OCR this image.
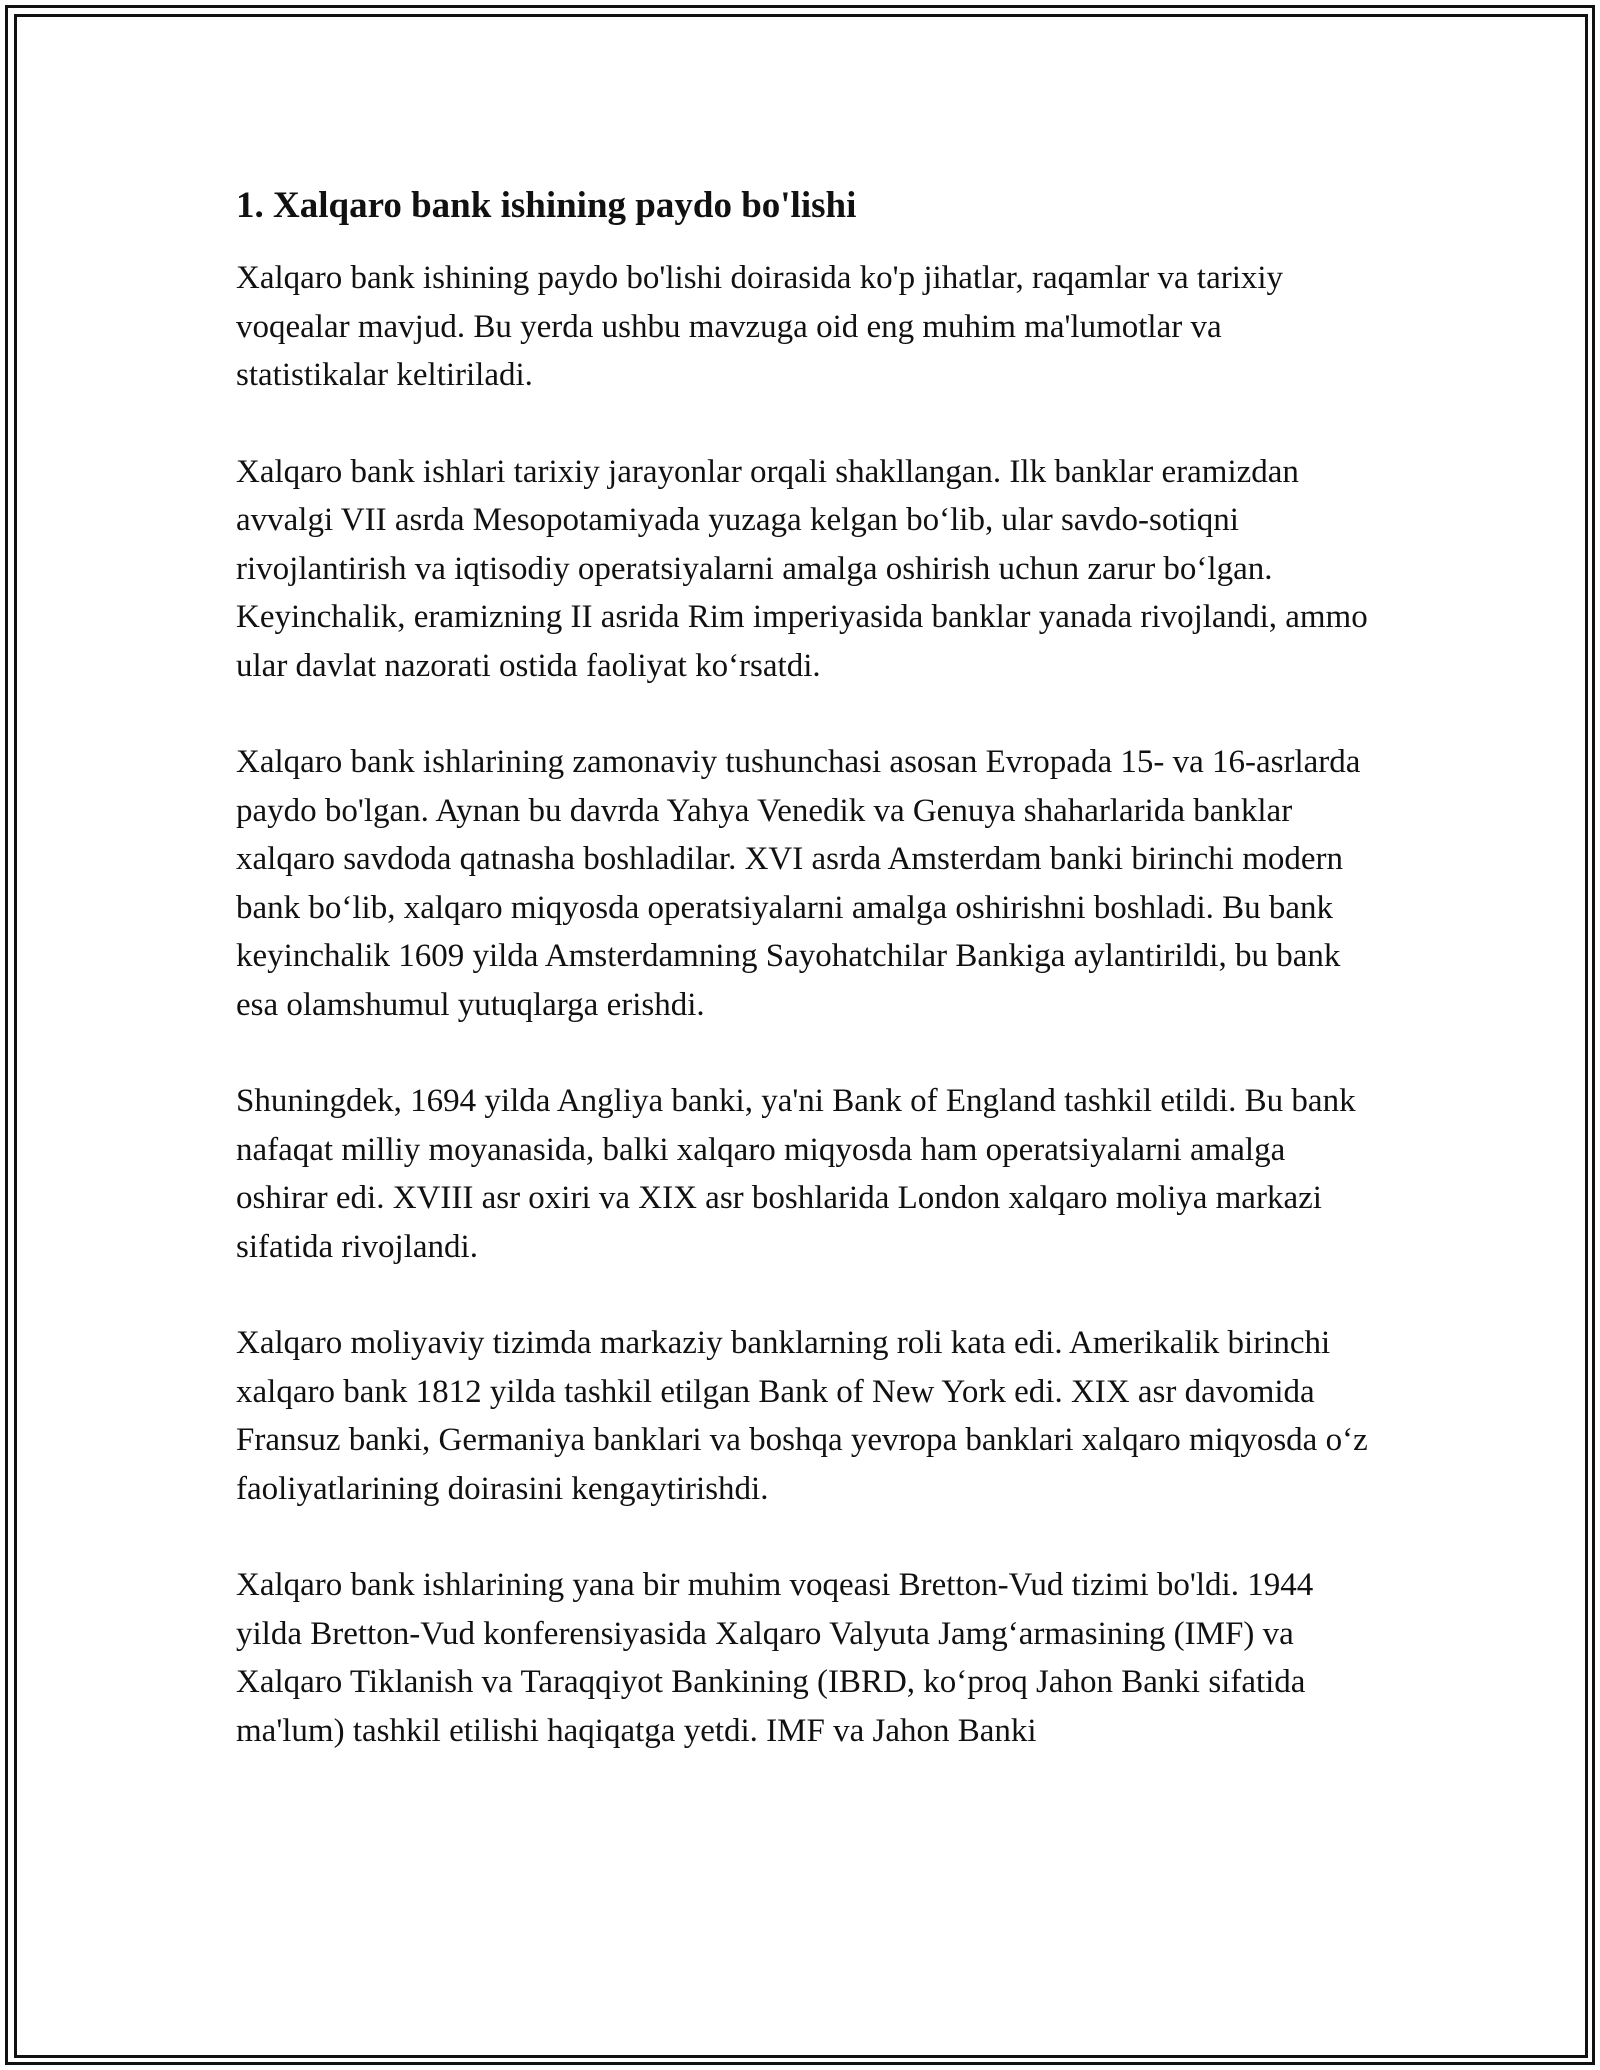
1. Xalqaro bank ishining paydo bo'lishi

Xalqaro bank ishining paydo bo'lishi doirasida ko'p jihatlar, raqamlar va tarixiy voqealar mavjud. Bu yerda ushbu mavzuga oid eng muhim ma'lumotlar va statistikalar keltiriladi.

Xalqaro bank ishlari tarixiy jarayonlar orqali shakllangan. Ilk banklar eramizdan avvalgi VII asrda Mesopotamiyada yuzaga kelgan bo‘lib, ular savdo-sotiqni rivojlantirish va iqtisodiy operatsiyalarni amalga oshirish uchun zarur bo‘lgan. Keyinchalik, eramizning II asrida Rim imperiyasida banklar yanada rivojlandi, ammo ular davlat nazorati ostida faoliyat ko‘rsatdi.

Xalqaro bank ishlarining zamonaviy tushunchasi asosan Evropada 15- va 16-asrlarda paydo bo'lgan. Aynan bu davrda Yahya Venedik va Genuya shaharlarida banklar xalqaro savdoda qatnasha boshladilar. XVI asrda Amsterdam banki birinchi modern bank bo‘lib, xalqaro miqyosda operatsiyalarni amalga oshirishni boshladi. Bu bank keyinchalik 1609 yilda Amsterdamning Sayohatchilar Bankiga aylantirildi, bu bank esa olamshumul yutuqlarga erishdi.

Shuningdek, 1694 yilda Angliya banki, ya'ni Bank of England tashkil etildi. Bu bank nafaqat milliy moyanasida, balki xalqaro miqyosda ham operatsiyalarni amalga oshirar edi. XVIII asr oxiri va XIX asr boshlarida London xalqaro moliya markazi sifatida rivojlandi.

Xalqaro moliyaviy tizimda markaziy banklarning roli kata edi. Amerikalik birinchi xalqaro bank 1812 yilda tashkil etilgan Bank of New York edi. XIX asr davomida Fransuz banki, Germaniya banklari va boshqa yevropa banklari xalqaro miqyosda o‘z faoliyatlarining doirasini kengaytirishdi.

Xalqaro bank ishlarining yana bir muhim voqeasi Bretton-Vud tizimi bo'ldi. 1944 yilda Bretton-Vud konferensiyasida Xalqaro Valyuta Jamg‘armasining (IMF) va Xalqaro Tiklanish va Taraqqiyot Bankining (IBRD, ko‘proq Jahon Banki sifatida ma'lum) tashkil etilishi haqiqatga yetdi. IMF va Jahon Banki
